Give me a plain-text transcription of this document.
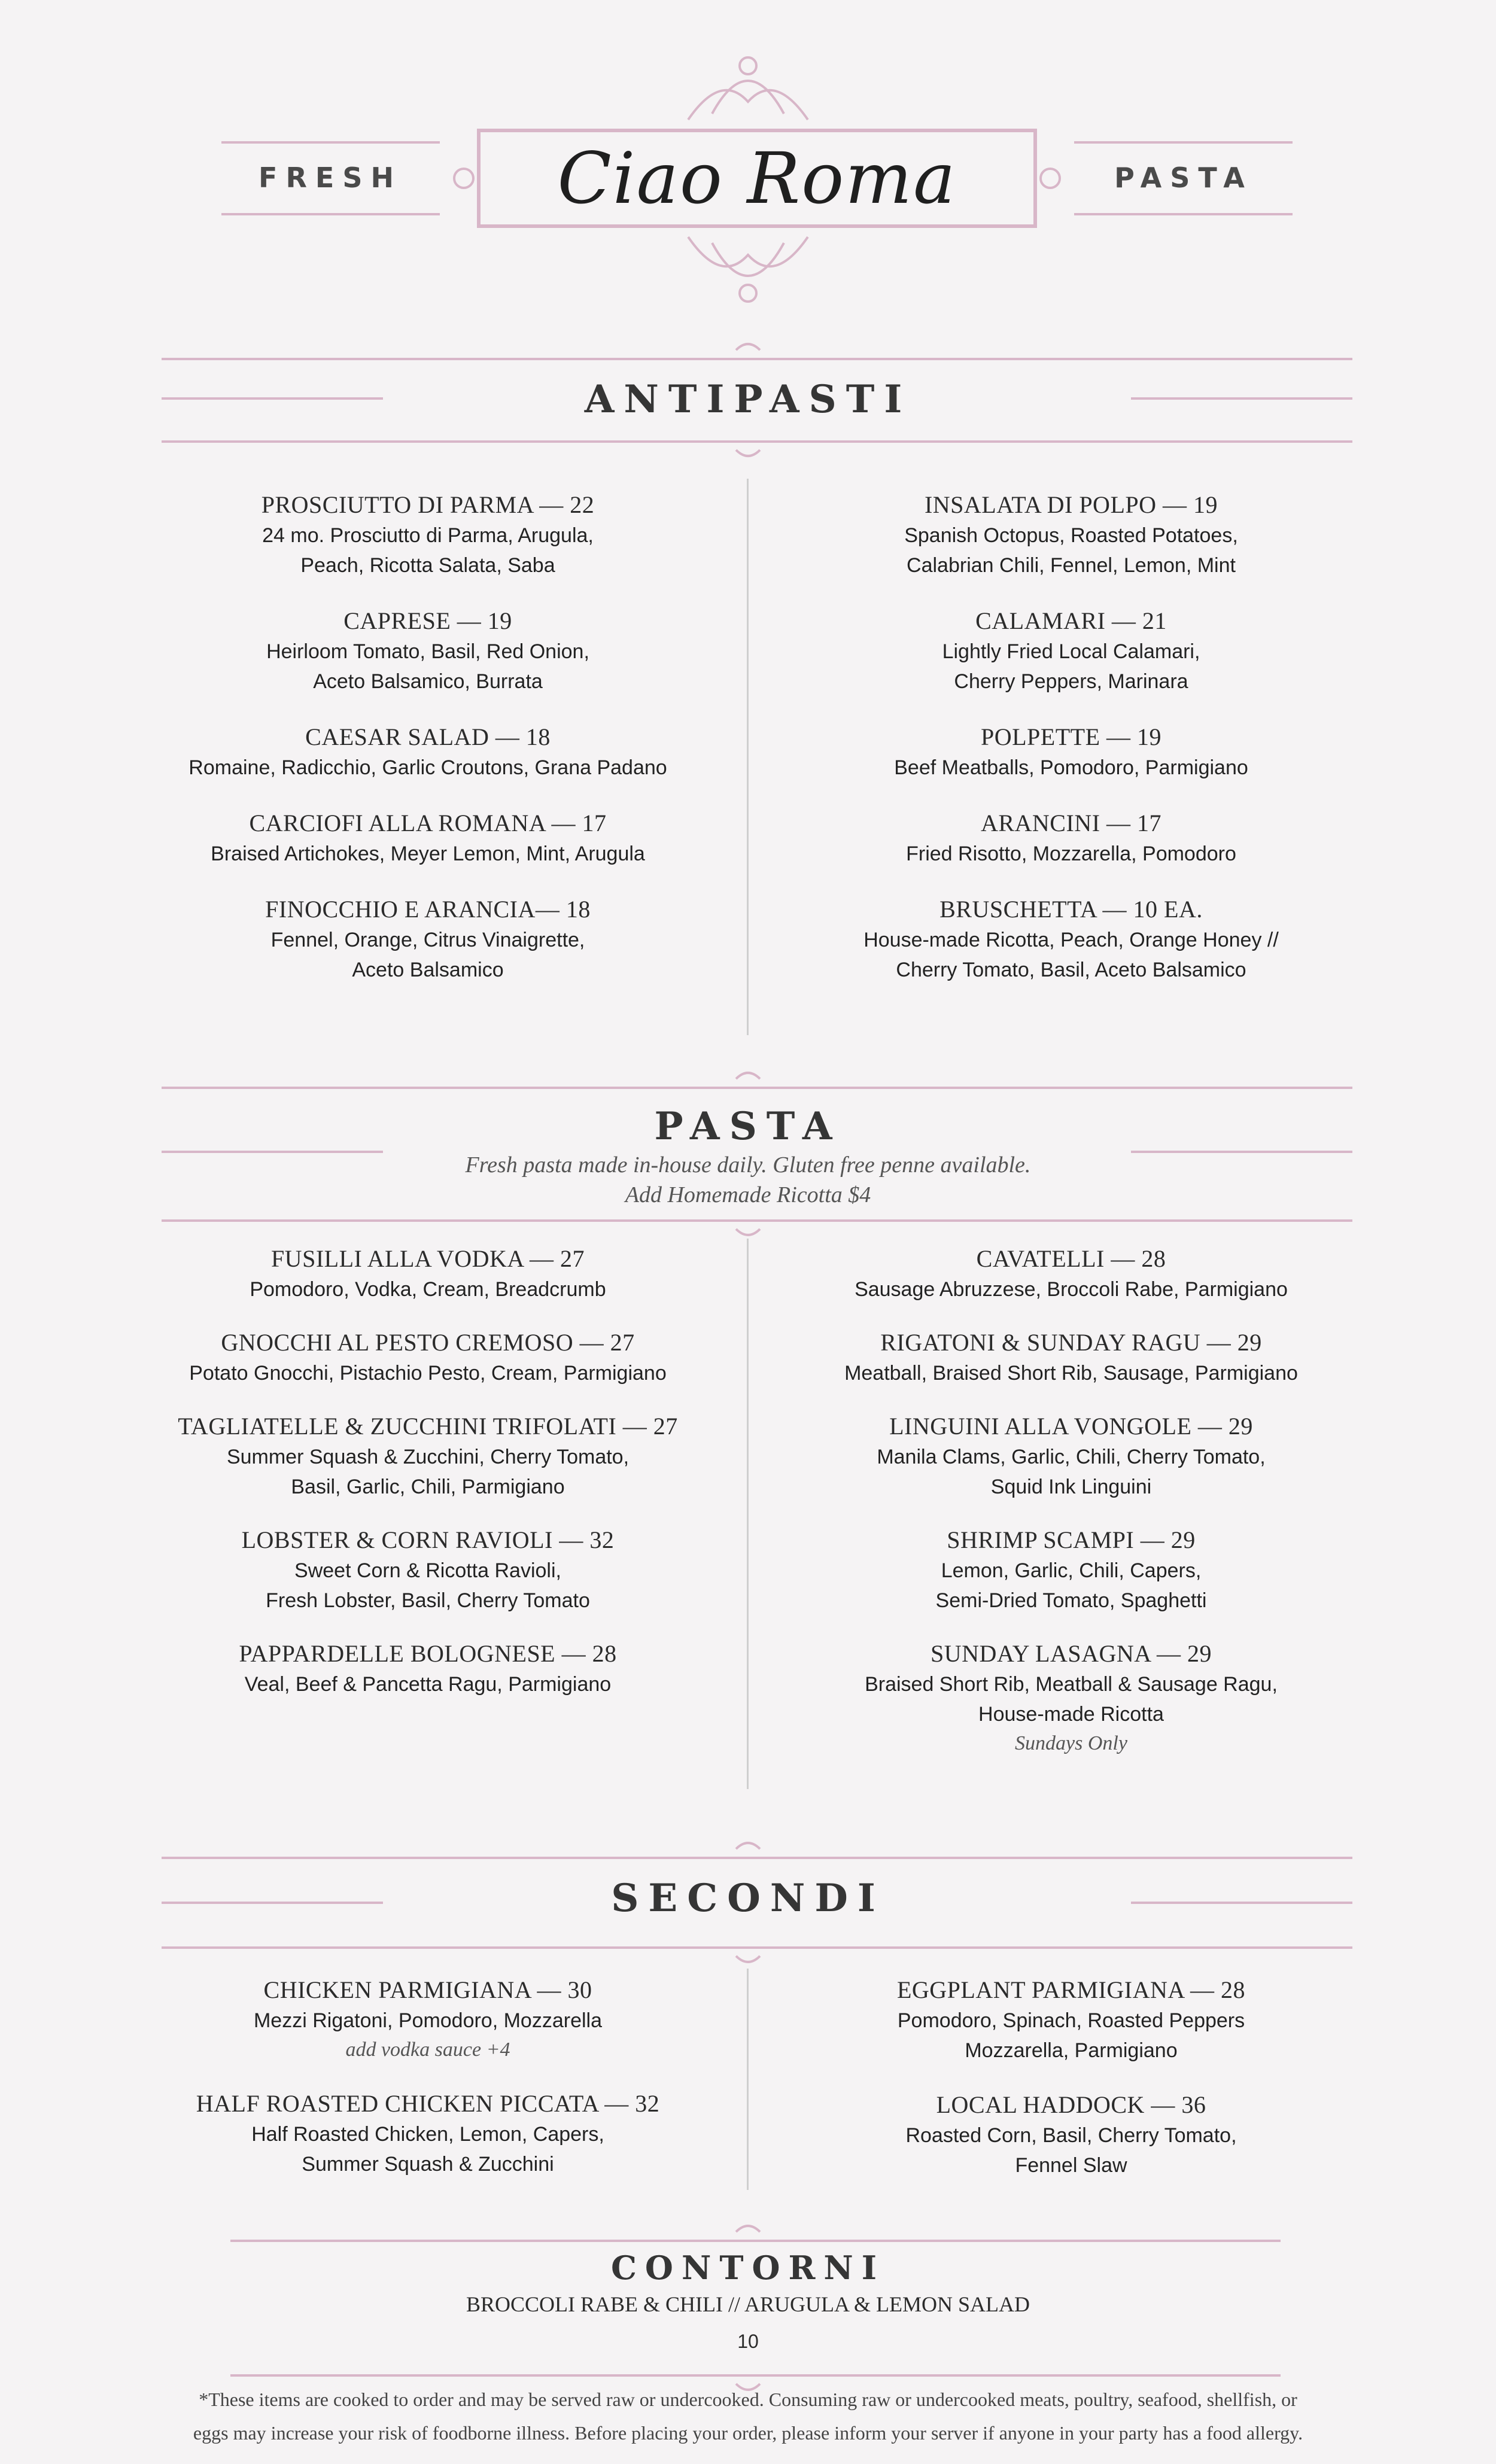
FRESH	Ciao Roma	PASTA
ANTIPASTI
PROSCIUTTO DI PARMA — 22
24 mo. Prosciutto di Parma, Arugula,
Peach, Ricotta Salata, Saba
CAPRESE — 19
Heirloom Tomato, Basil, Red Onion,
Aceto Balsamico, Burrata
CAESAR SALAD — 18
Romaine, Radicchio, Garlic Croutons, Grana Padano
CARCIOFI ALLA ROMANA — 17
Braised Artichokes, Meyer Lemon, Mint, Arugula
FINOCCHIO E ARANCIA— 18
Fennel, Orange, Citrus Vinaigrette,
Aceto Balsamico
INSALATA DI POLPO — 19
Spanish Octopus, Roasted Potatoes,
Calabrian Chili, Fennel, Lemon, Mint
CALAMARI — 21
Lightly Fried Local Calamari,
Cherry Peppers, Marinara
POLPETTE — 19
Beef Meatballs, Pomodoro, Parmigiano
ARANCINI — 17
Fried Risotto, Mozzarella, Pomodoro
BRUSCHETTA — 10 EA.
House-made Ricotta, Peach, Orange Honey //
Cherry Tomato, Basil, Aceto Balsamico
PASTA
Fresh pasta made in-house daily. Gluten free penne available.
Add Homemade Ricotta $4
FUSILLI ALLA VODKA — 27
Pomodoro, Vodka, Cream, Breadcrumb
GNOCCHI AL PESTO CREMOSO — 27
Potato Gnocchi, Pistachio Pesto, Cream, Parmigiano
TAGLIATELLE & ZUCCHINI TRIFOLATI — 27
Summer Squash & Zucchini, Cherry Tomato,
Basil, Garlic, Chili, Parmigiano
LOBSTER & CORN RAVIOLI — 32
Sweet Corn & Ricotta Ravioli,
Fresh Lobster, Basil, Cherry Tomato
PAPPARDELLE BOLOGNESE — 28
Veal, Beef & Pancetta Ragu, Parmigiano
CAVATELLI — 28
Sausage Abruzzese, Broccoli Rabe, Parmigiano
RIGATONI & SUNDAY RAGU — 29
Meatball, Braised Short Rib, Sausage, Parmigiano
LINGUINI ALLA VONGOLE — 29
Manila Clams, Garlic, Chili, Cherry Tomato,
Squid Ink Linguini
SHRIMP SCAMPI — 29
Lemon, Garlic, Chili, Capers,
Semi-Dried Tomato, Spaghetti
SUNDAY LASAGNA — 29
Braised Short Rib, Meatball & Sausage Ragu,
House-made Ricotta
Sundays Only
SECONDI
CHICKEN PARMIGIANA — 30
Mezzi Rigatoni, Pomodoro, Mozzarella
add vodka sauce +4
HALF ROASTED CHICKEN PICCATA — 32
Half Roasted Chicken, Lemon, Capers,
Summer Squash & Zucchini
EGGPLANT PARMIGIANA — 28
Pomodoro, Spinach, Roasted Peppers
Mozzarella, Parmigiano
LOCAL HADDOCK — 36
Roasted Corn, Basil, Cherry Tomato,
Fennel Slaw
CONTORNI
BROCCOLI RABE & CHILI // ARUGULA & LEMON SALAD
10
*These items are cooked to order and may be served raw or undercooked. Consuming raw or undercooked meats, poultry, seafood, shellfish, or
eggs may increase your risk of foodborne illness. Before placing your order, please inform your server if anyone in your party has a food allergy.
